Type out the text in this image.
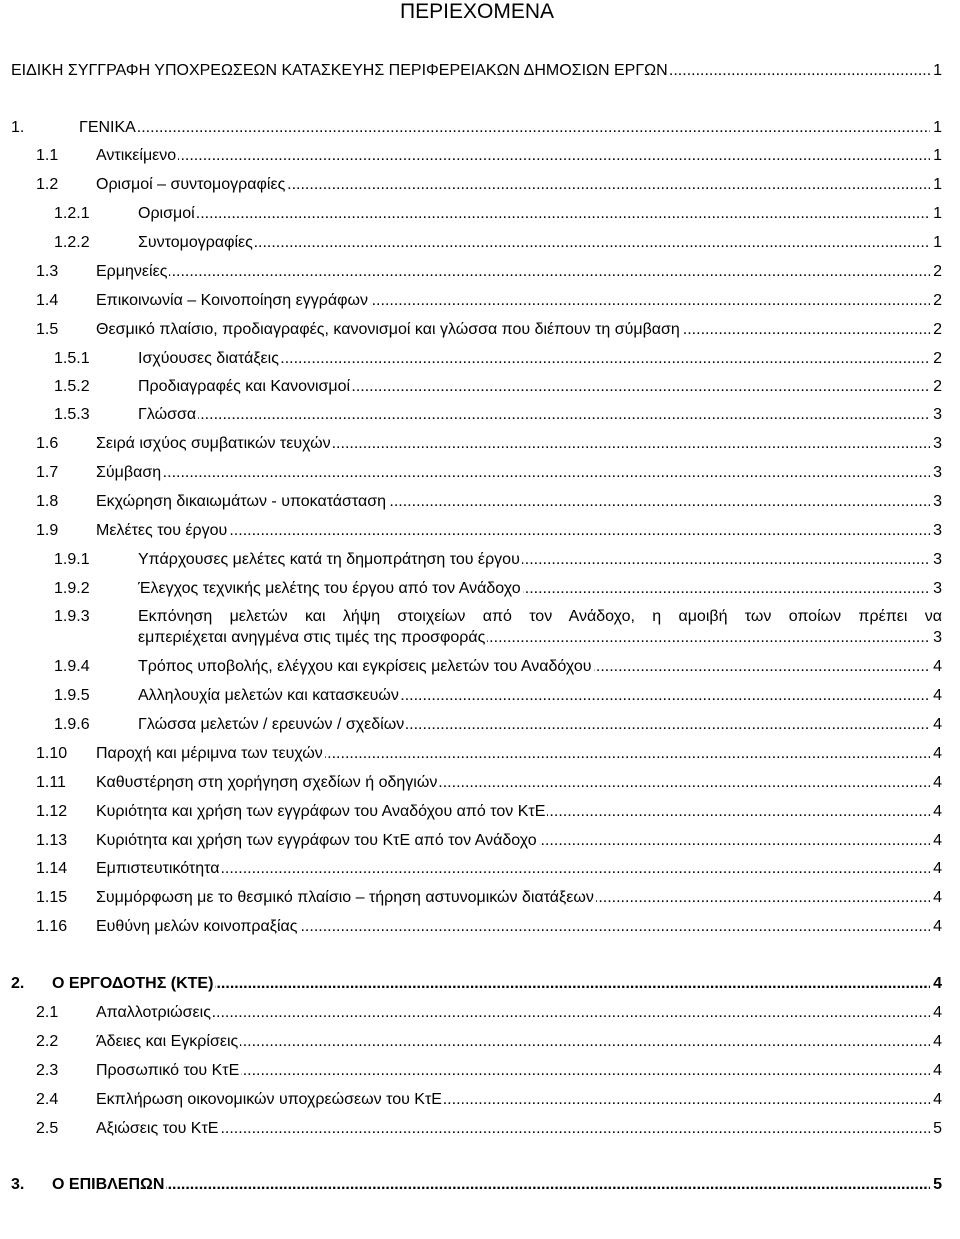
ΠΕΡΙΕΧΟΜΕΝΑ
.....
ΕΙΔΙΚΗ ΣΥΓΓΡΑΦΗ ΥΠΟΧΡΕΩΣΕΩΝ ΚΑΤΑΣΚΕΥΗΣ ΠΕΡΙΦΕΡΕΙΑΚΩΝ ΔΗΜΟΣΙΩΝ ΕΡΓΩΝ	1
1. .....	ΓΕΝΙΚΑ	1
1.1 ..... Αντικείμενο	1
1.2 ..... Ορισμοί – συντομογραφίες	1
1.2.1 .....	Ορισμοί	1
1.2.2 .....	Συντομογραφίες	1
1.3 ..... Ερμηνείες	2
1.4 ..... Επικοινωνία – Κοινοποίηση εγγράφων	2
1.5 ..... Θεσμικό πλαίσιο, προδιαγραφές, κανονισμοί και γλώσσα που διέπουν τη σύμβαση	2
1.5.1 .....	Ισχύουσες διατάξεις	2
1.5.2 .....	Προδιαγραφές και Κανονισμοί	2
1.5.3 .....	Γλώσσα	3
1.6 ..... Σειρά ισχύος συμβατικών τευχών	3
1.7 ..... Σύμβαση	3
1.8 ..... Εκχώρηση δικαιωμάτων - υποκατάσταση	3
1.9 ..... Μελέτες του έργου	3
1.9.1 .....	Υπάρχουσες μελέτες κατά τη δημοπράτηση του έργου	3
1.9.2 .....	Έλεγχος τεχνικής μελέτης του έργου από τον Ανάδοχο	3
1.9.3	Εκπόνηση μελετών και λήψη στοιχείων από τον Ανάδοχο, η αμοιβή των οποίων πρέπει να
.....
εμπεριέχεται ανηγμένα στις τιμές της προσφοράς	3
1.9.4 .....	Τρόπος υποβολής, ελέγχου και εγκρίσεις μελετών του Αναδόχου	4
1.9.5 .....	Αλληλουχία μελετών και κατασκευών	4
1.9.6 .....	Γλώσσα μελετών / ερευνών / σχεδίων	4
1.10 ..... Παροχή και μέριμνα των τευχών	4
1.11 ..... Καθυστέρηση στη χορήγηση σχεδίων ή οδηγιών	4
1.12 ..... Κυριότητα και χρήση των εγγράφων του Αναδόχου από τον ΚτΕ	4
1.13 ..... Κυριότητα και χρήση των εγγράφων του ΚτΕ από τον Ανάδοχο	4
1.14 ..... Εμπιστευτικότητα	4
1.15 ..... Συμμόρφωση με το θεσμικό πλαίσιο – τήρηση αστυνομικών διατάξεων	4
1.16 ..... Ευθύνη μελών κοινοπραξίας	4
2. ..... Ο ΕΡΓΟΔΟΤΗΣ (ΚΤΕ)	4
2.1 ..... Απαλλοτριώσεις	4
2.2 ..... Άδειες και Εγκρίσεις	4
2.3 ..... Προσωπικό του ΚτΕ	4
2.4 ..... Εκπλήρωση οικονομικών υποχρεώσεων του ΚτΕ	4
2.5 ..... Αξιώσεις του ΚτΕ	5
3. ..... Ο ΕΠΙΒΛΕΠΩΝ	5
